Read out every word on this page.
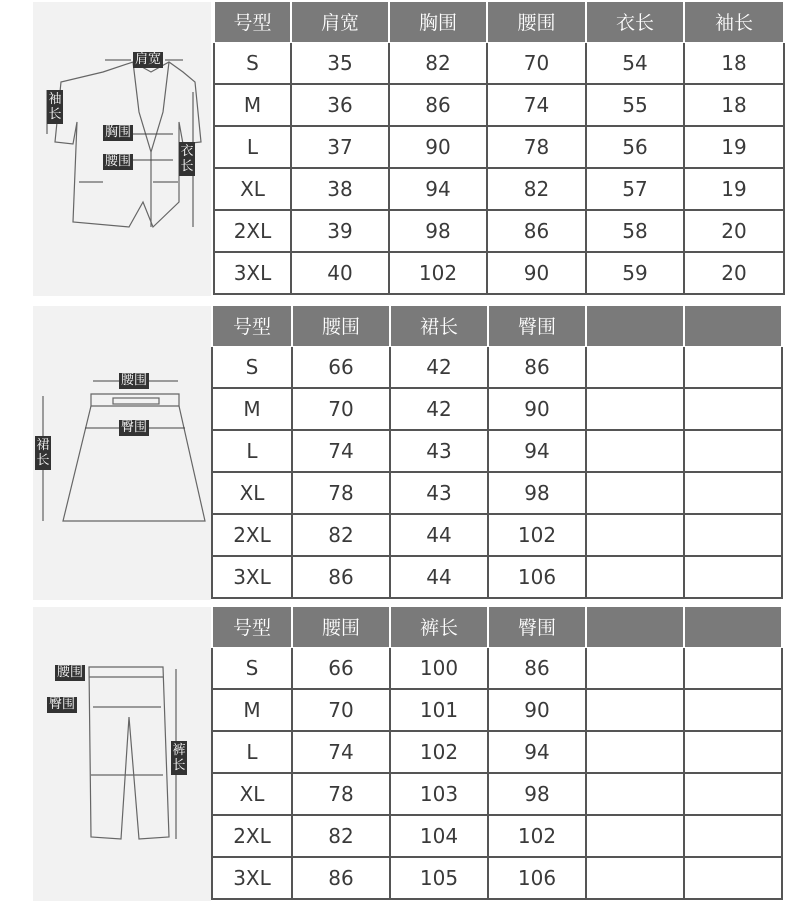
肩宽
袖长
胸围
腰围
衣长
号型	肩宽	胸围	腰围	衣长	袖长
S	35	82	70	54	18
M	36	86	74	55	18
L	37	90	78	56	19
XL	38	94	82	57	19
2XL	39	98	86	58	20
3XL	40	102	90	59	20
腰围
臀围
裙长
号型	腰围	裙长	臀围		
S	66	42	86		
M	70	42	90		
L	74	43	94		
XL	78	43	98		
2XL	82	44	102		
3XL	86	44	106		
腰围
臀围
裤长
号型	腰围	裤长	臀围		
S	66	100	86		
M	70	101	90		
L	74	102	94		
XL	78	103	98		
2XL	82	104	102		
3XL	86	105	106		
